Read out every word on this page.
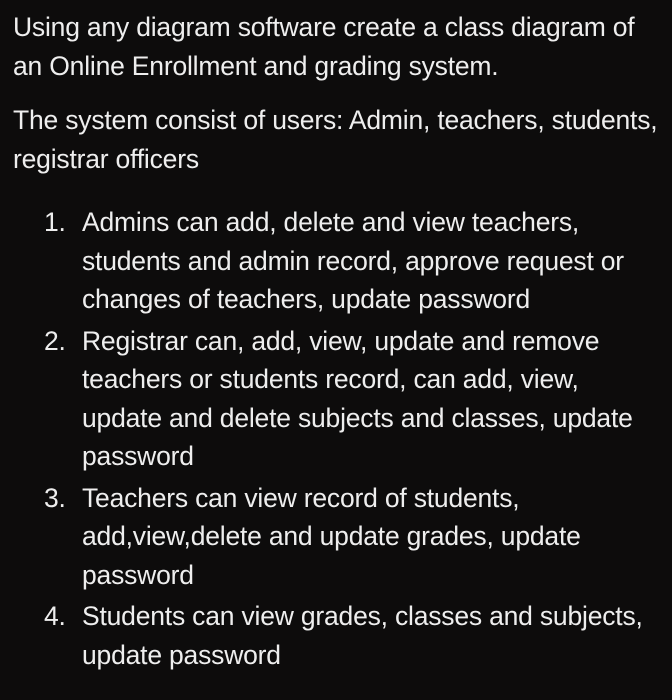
Using any diagram software create a class diagram of an Online Enrollment and grading system.

The system consist of users: Admin, teachers, students, registrar officers

1. Admins can add, delete and view teachers, students and admin record, approve request or changes of teachers, update password
2. Registrar can, add, view, update and remove teachers or students record, can add, view, update and delete subjects and classes, update password
3. Teachers can view record of students, add,view,delete and update grades, update password
4. Students can view grades, classes and subjects, update password
